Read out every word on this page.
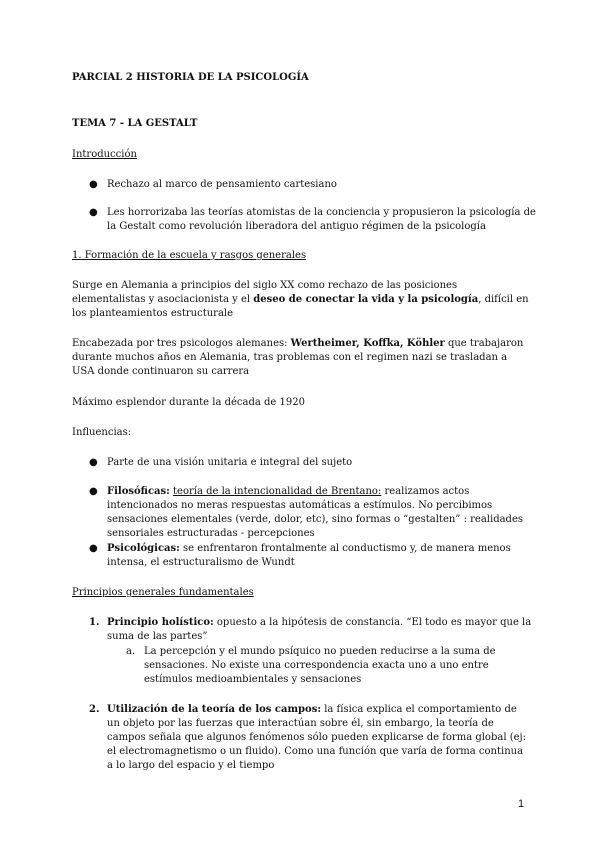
PARCIAL 2 HISTORIA DE LA PSICOLOGÍA
TEMA 7 - LA GESTALT
Introducción
● Rechazo al marco de pensamiento cartesiano
● Les horrorizaba las teorías atomistas de la conciencia y propusieron la psicología de la Gestalt como revolución liberadora del antiguo régimen de la psicología
1. Formación de la escuela y rasgos generales
Surge en Alemania a principios del siglo XX como rechazo de las posiciones elementalistas y asociacionista y el deseo de conectar la vida y la psicología, difícil en los planteamientos estructurale
Encabezada por tres psicologos alemanes: Wertheimer, Koffka, Köhler que trabajaron durante muchos años en Alemania, tras problemas con el regimen nazi se trasladan a USA donde continuaron su carrera
Máximo esplendor durante la década de 1920
Influencias:
● Parte de una visión unitaria e integral del sujeto
● Filosóficas: teoría de la intencionalidad de Brentano: realizamos actos intencionados no meras respuestas automáticas a estímulos. No percibimos sensaciones elementales (verde, dolor, etc), sino formas o “gestalten” : realidades sensoriales estructuradas - percepciones
● Psicológicas: se enfrentaron frontalmente al conductismo y, de manera menos intensa, el estructuralismo de Wundt
Principios generales fundamentales
1. Principio holístico: opuesto a la hipótesis de constancia. “El todo es mayor que la suma de las partes”
a. La percepción y el mundo psíquico no pueden reducirse a la suma de sensaciones. No existe una correspondencia exacta uno a uno entre estímulos medioambientales y sensaciones
2. Utilización de la teoría de los campos: la física explica el comportamiento de un objeto por las fuerzas que interactúan sobre él, sin embargo, la teoría de campos señala que algunos fenómenos sólo pueden explicarse de forma global (ej: el electromagnetismo o un fluido). Como una función que varía de forma continua a lo largo del espacio y el tiempo
1
